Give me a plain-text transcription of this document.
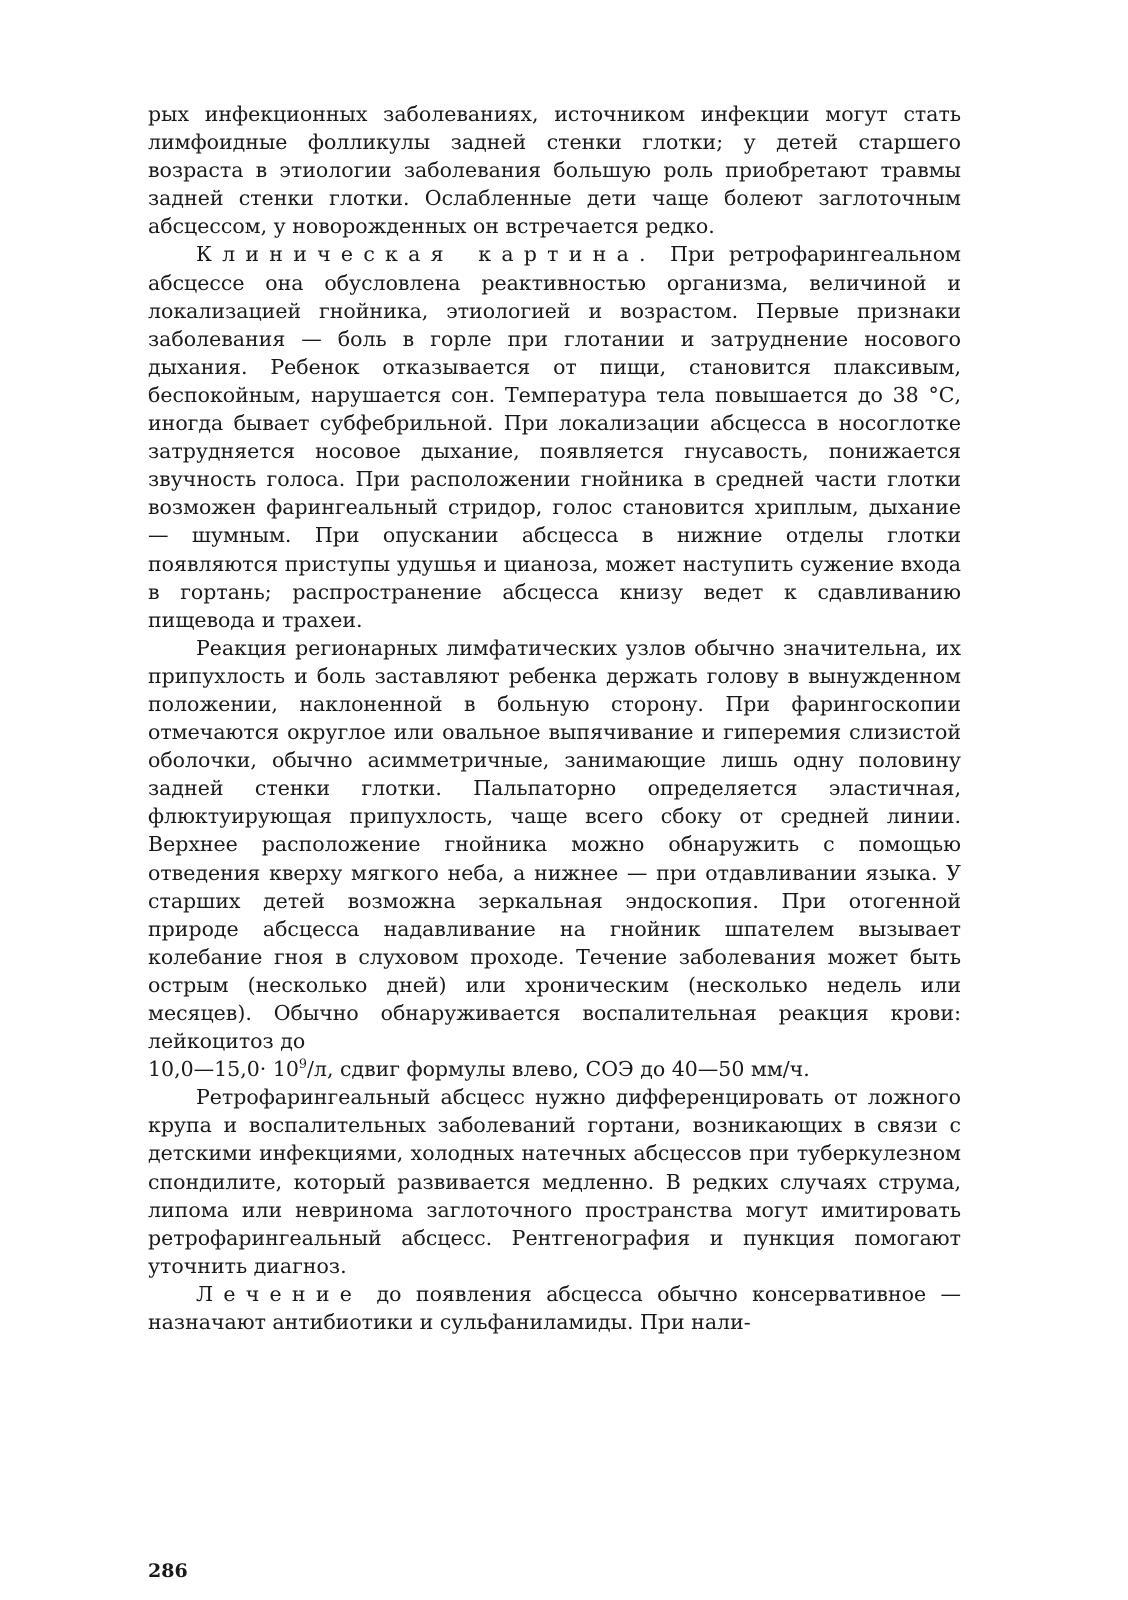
рых инфекционных заболеваниях, источником инфекции могут стать лимфоидные фолликулы задней стенки глотки; у детей старшего возраста в этиологии заболевания большую роль приобретают травмы задней стенки глотки. Ослабленные дети чаще болеют заглоточным абсцессом, у новорожденных он встречается редко.

Клиническая картина. При ретрофарингеальном абсцессе она обусловлена реактивностью организма, величиной и локализацией гнойника, этиологией и возрастом. Первые признаки заболевания — боль в горле при глотании и затруднение носового дыхания. Ребенок отказывается от пищи, становится плаксивым, беспокойным, нарушается сон. Температура тела повышается до 38 °С, иногда бывает субфебрильной. При локализации абсцесса в носоглотке затрудняется носовое дыхание, появляется гнусавость, понижается звучность голоса. При расположении гнойника в средней части глотки возможен фарингеальный стридор, голос становится хриплым, дыхание — шумным. При опускании абсцесса в нижние отделы глотки появляются приступы удушья и цианоза, может наступить сужение входа в гортань; распространение абсцесса книзу ведет к сдавливанию пищевода и трахеи.

Реакция регионарных лимфатических узлов обычно значительна, их припухлость и боль заставляют ребенка держать голову в вынужденном положении, наклоненной в больную сторону. При фарингоскопии отмечаются округлое или овальное выпячивание и гиперемия слизистой оболочки, обычно асимметричные, занимающие лишь одну половину задней стенки глотки. Пальпаторно определяется эластичная, флюктуирующая припухлость, чаще всего сбоку от средней линии. Верхнее расположение гнойника можно обнаружить с помощью отведения кверху мягкого неба, а нижнее — при отдавливании языка. У старших детей возможна зеркальная эндоскопия. При отогенной природе абсцесса надавливание на гнойник шпателем вызывает колебание гноя в слуховом проходе. Течение заболевания может быть острым (несколько дней) или хроническим (несколько недель или месяцев). Обычно обнаруживается воспалительная реакция крови: лейкоцитоз до

10,0—15,0· $10^9/л$, сдвиг формулы влево, СОЭ до 40—50 мм/ч.

Ретрофарингеальный абсцесс нужно дифференцировать от ложного крупа и воспалительных заболеваний гортани, возникающих в связи с детскими инфекциями, холодных натечных абсцессов при туберкулезном спондилите, который развивается медленно. В редких случаях струма, липома или невринома заглоточного пространства могут имитировать ретрофарингеальный абсцесс. Рентгенография и пункция помогают уточнить диагноз.

Лечение до появления абсцесса обычно консервативное — назначают антибиотики и сульфаниламиды. При нали-

286
